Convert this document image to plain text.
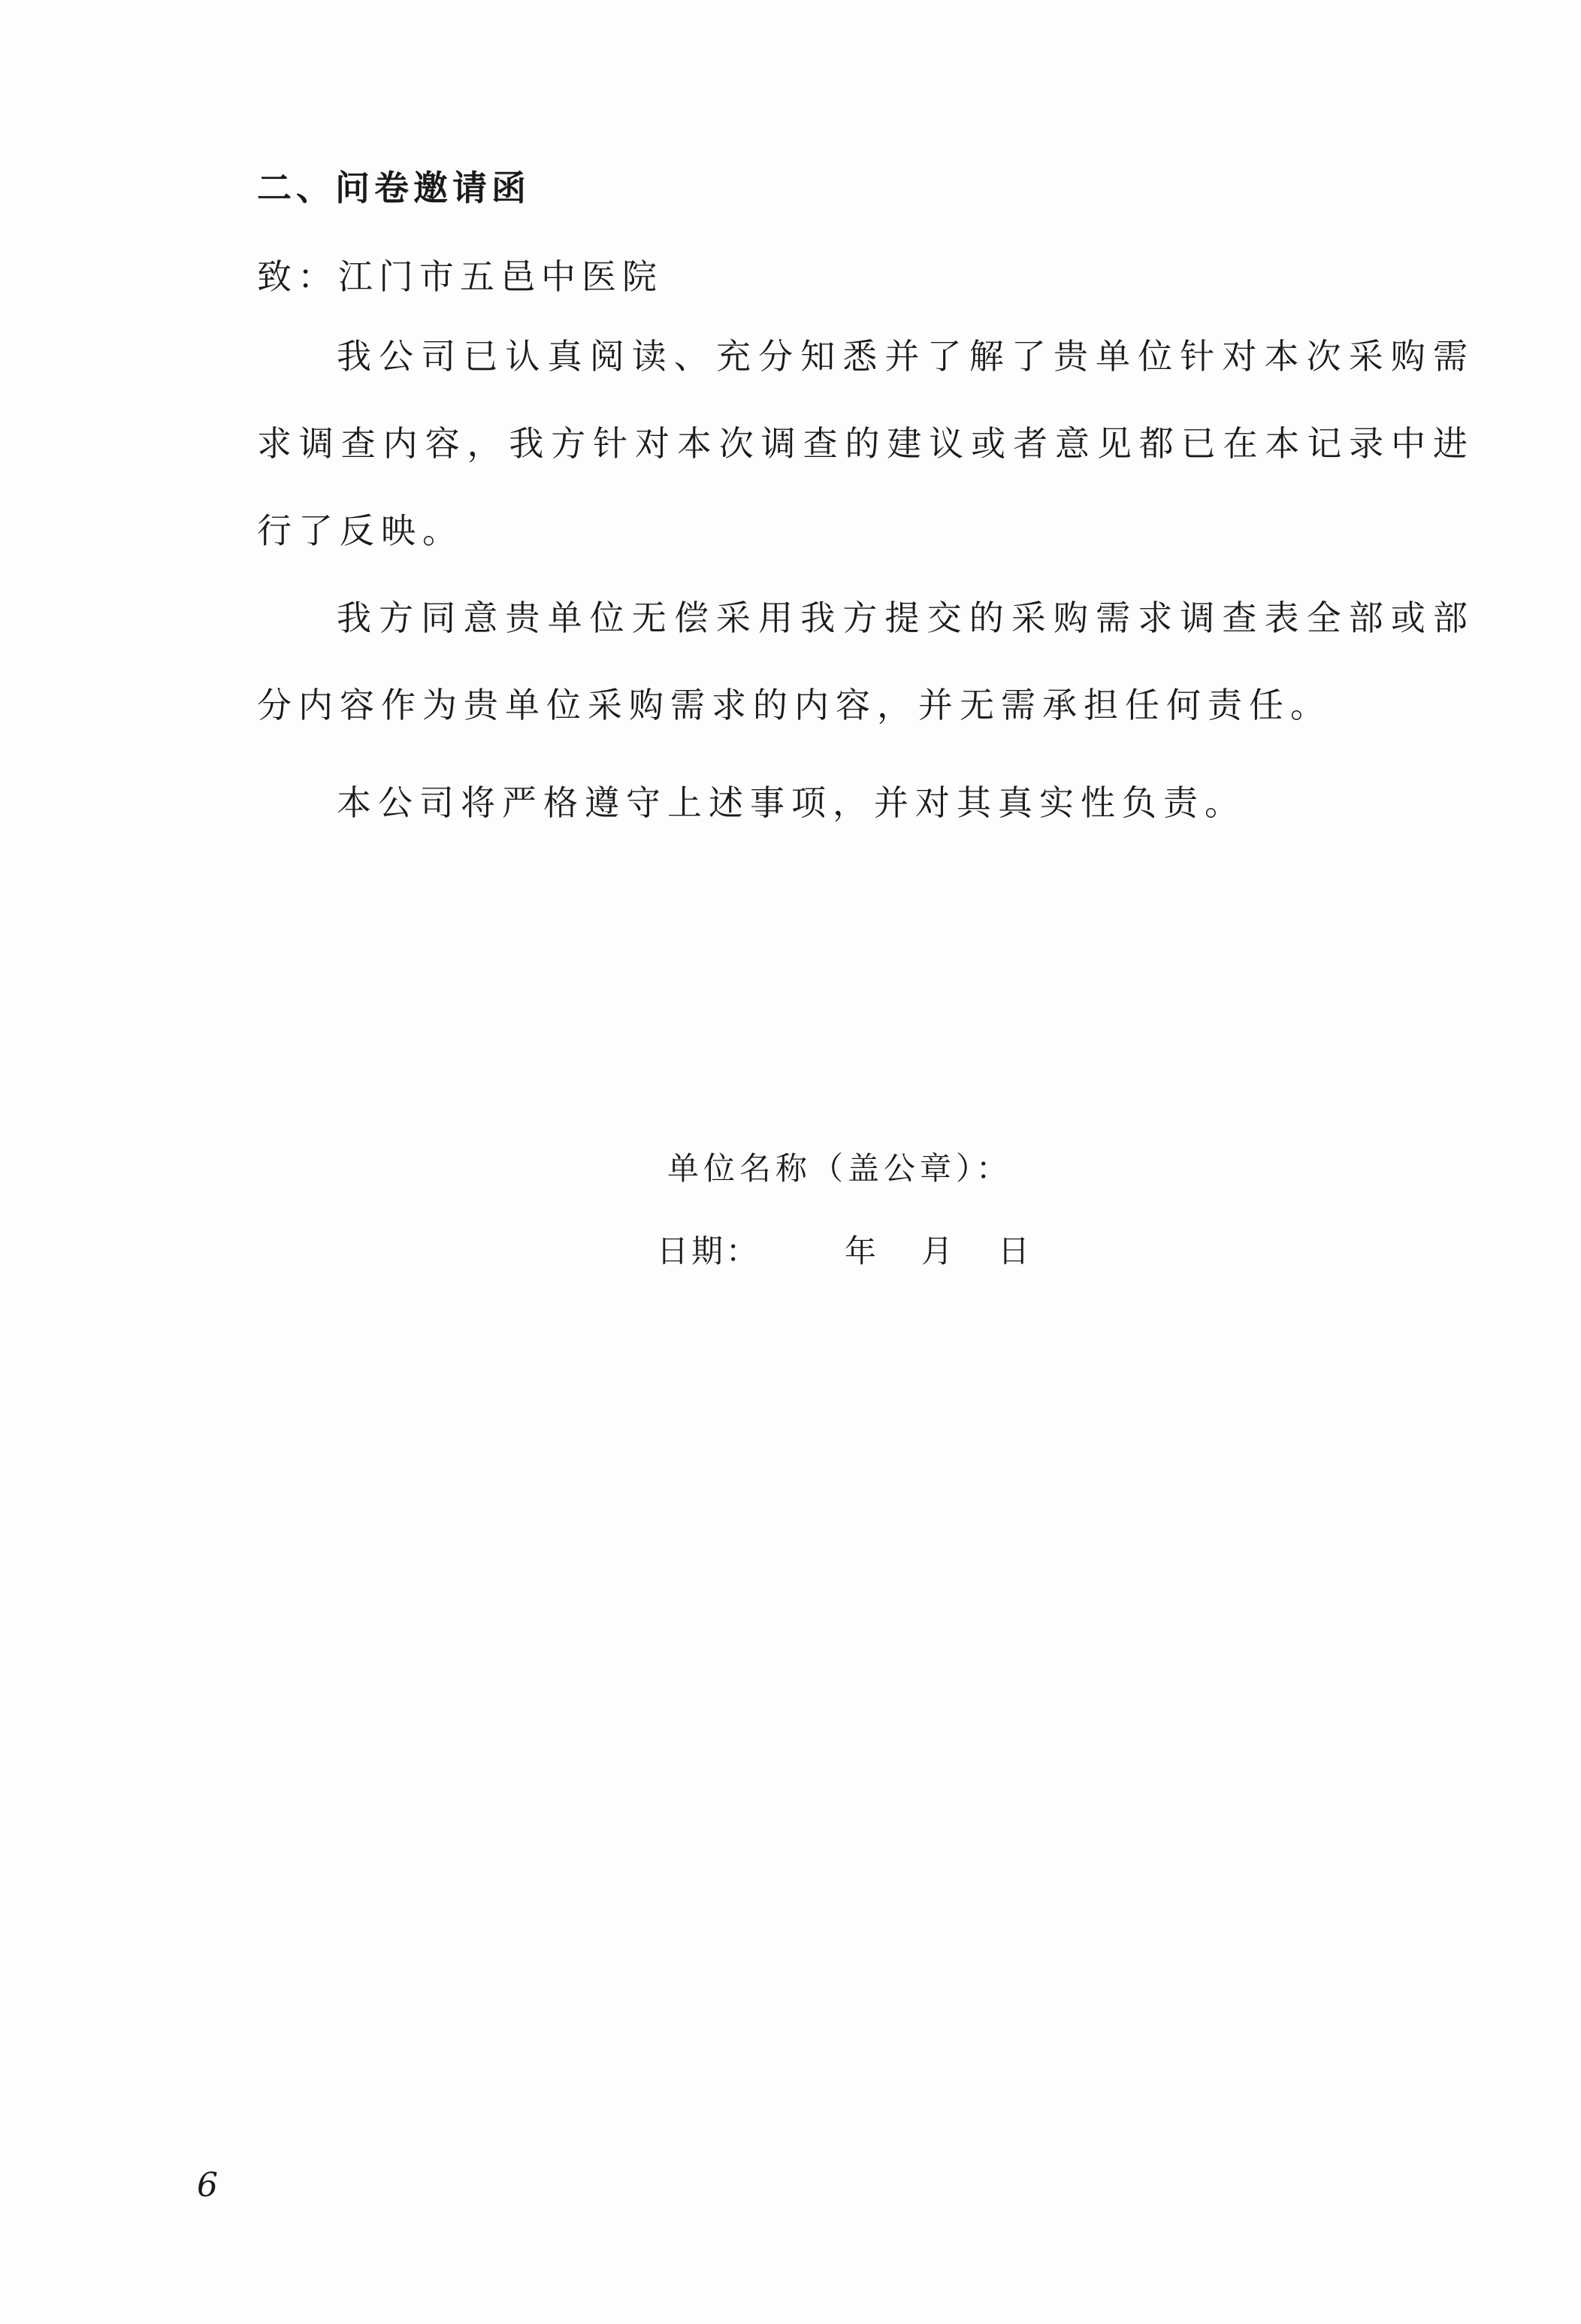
二、问卷邀请函
致：江门市五邑中医院

我公司已认真阅读、充分知悉并了解了贵单位针对本次采购需求调查内容，我方针对本次调查的建议或者意见都已在本记录中进行了反映。

我方同意贵单位无偿采用我方提交的采购需求调查表全部或部分内容作为贵单位采购需求的内容，并无需承担任何责任。

本公司将严格遵守上述事项，并对其真实性负责。

单位名称（盖公章）：
日期：	年	月	日
6
